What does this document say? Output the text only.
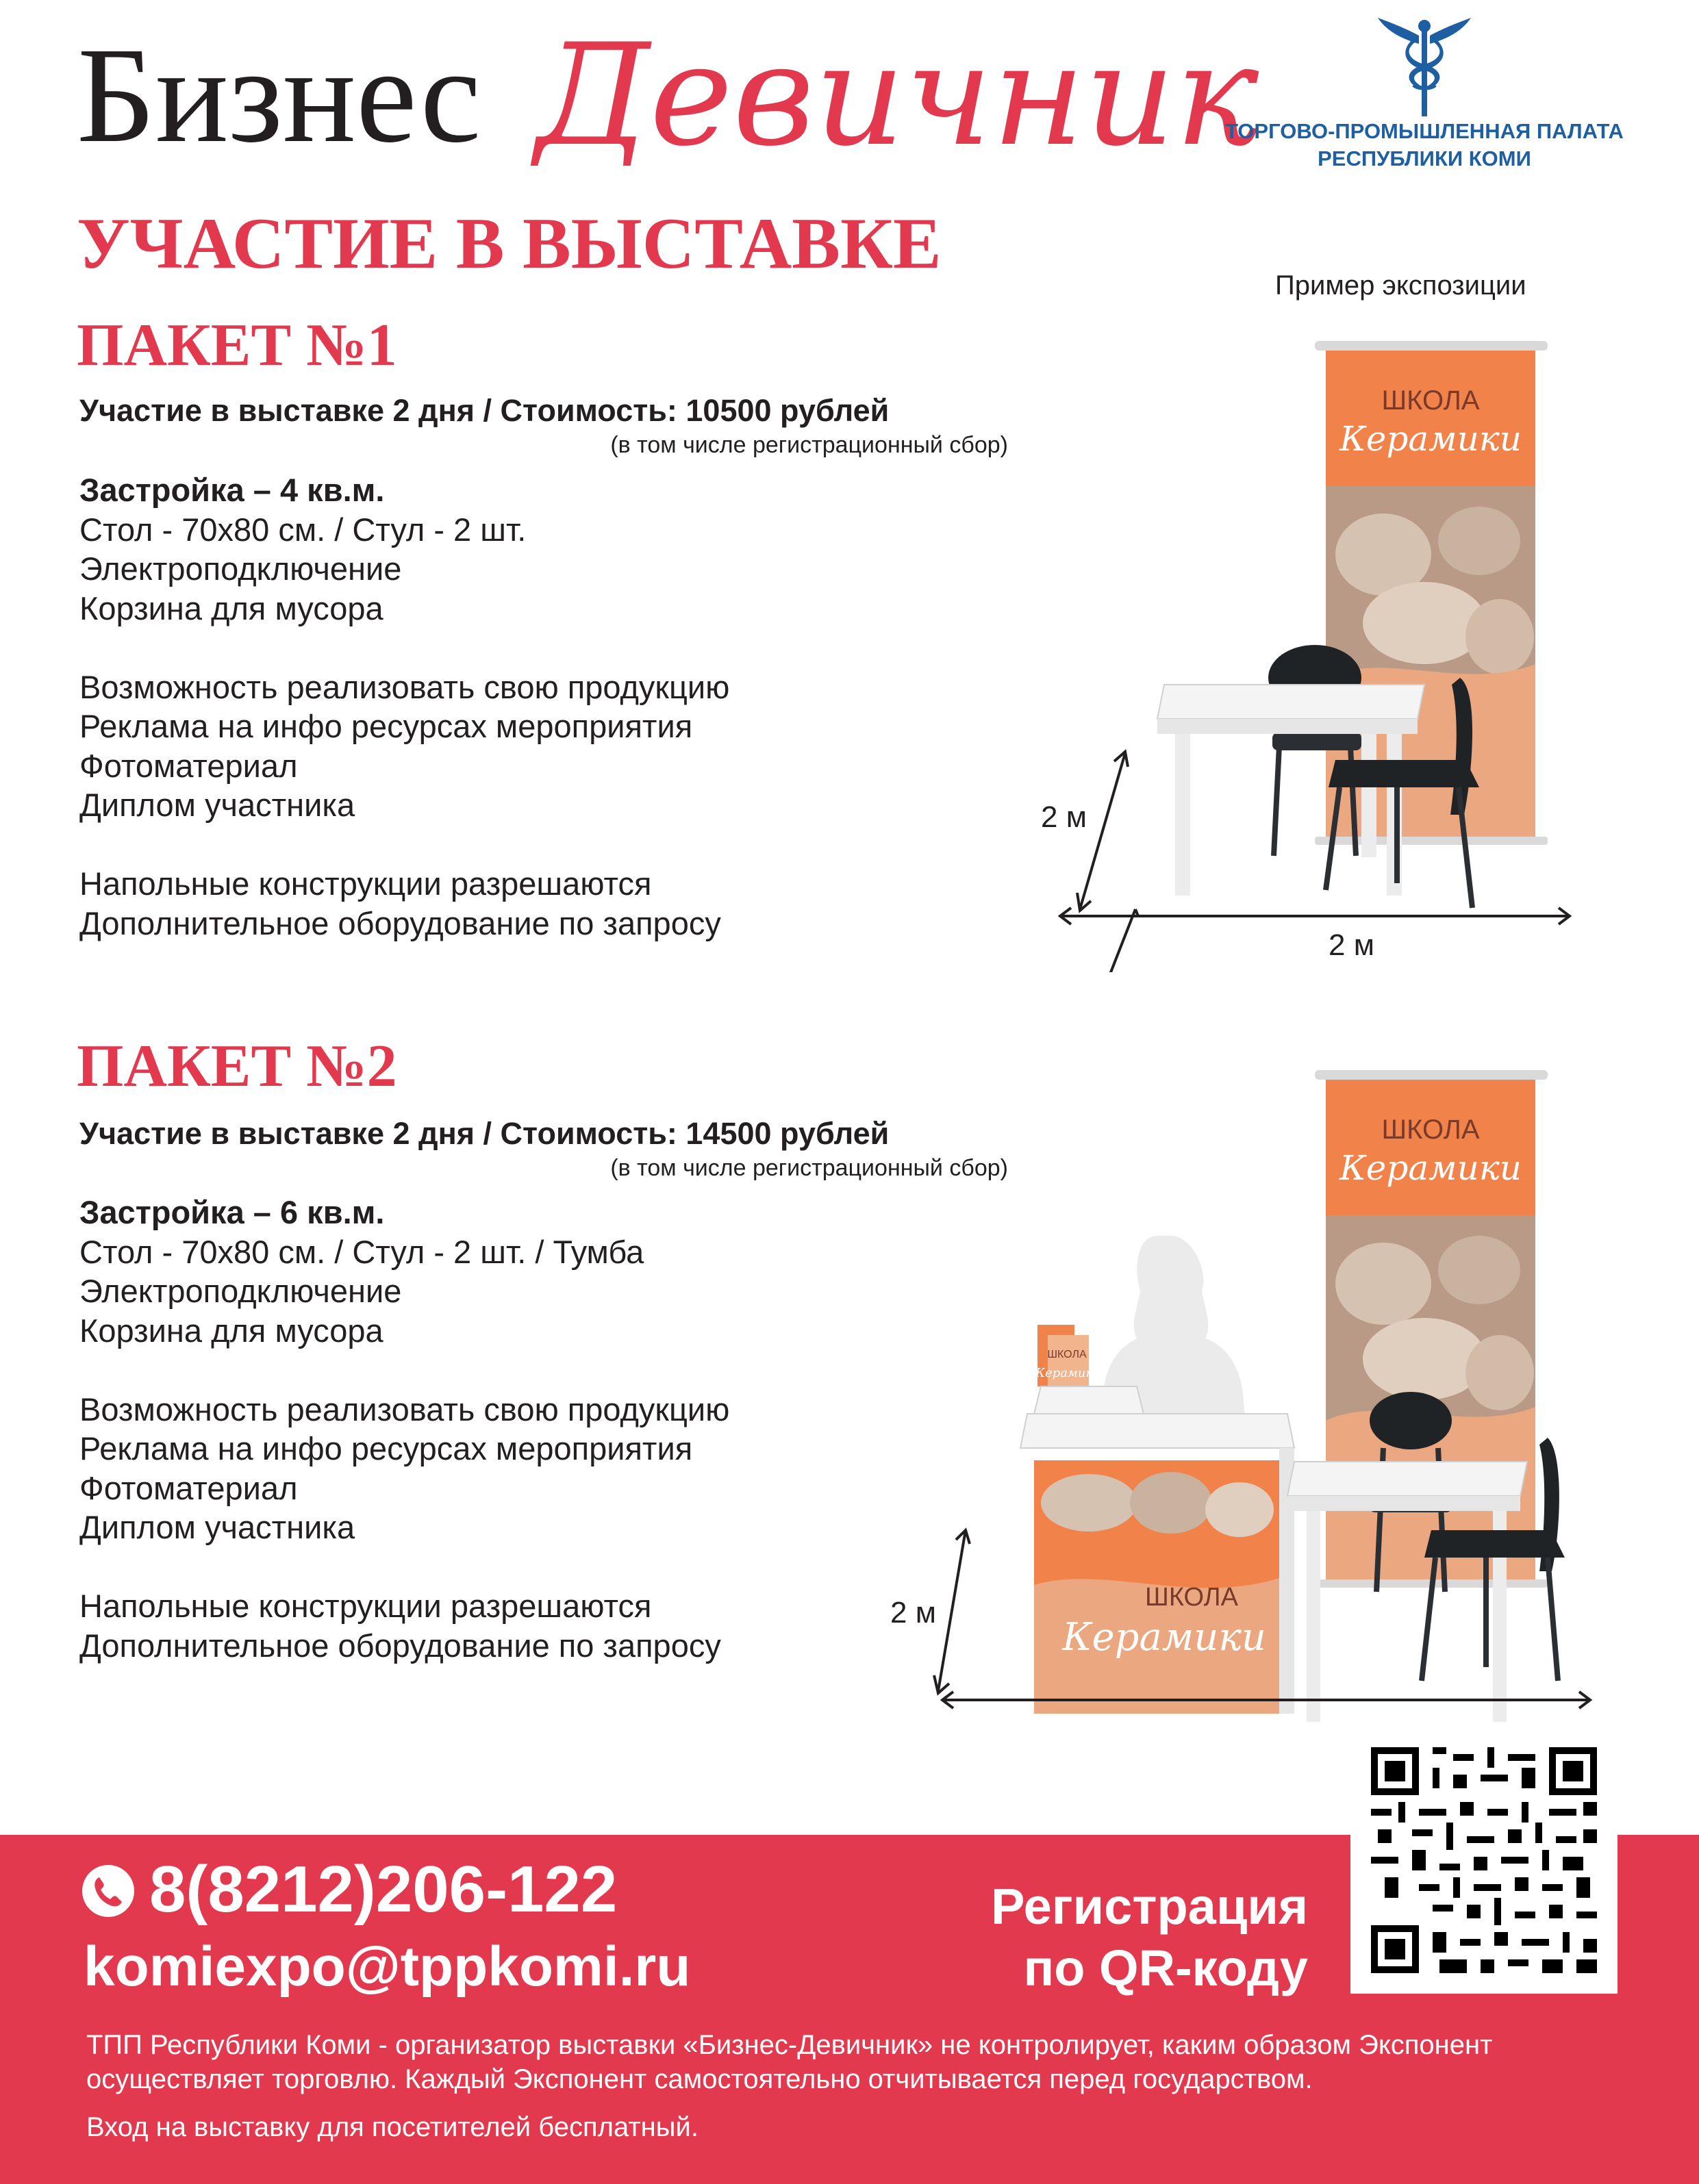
Бизнес Девичник
ТОРГОВО-ПРОМЫШЛЕННАЯ ПАЛАТА
РЕСПУБЛИКИ КОМИ
УЧАСТИЕ В ВЫСТАВКЕ
Пример экспозиции
ПАКЕТ №1
Участие в выставке 2 дня / Стоимость: 10500 рублей
(в том числе регистрационный сбор)
Застройка – 4 кв.м.
Стол - 70х80 см. / Стул - 2 шт.
Электроподключение
Корзина для мусора
Возможность реализовать свою продукцию
Реклама на инфо ресурсах мероприятия
Фотоматериал
Диплом участника
Напольные конструкции разрешаются
Дополнительное оборудование по запросу
ШКОЛА
Керамики
2 м
2 м
ПАКЕТ №2
Участие в выставке 2 дня / Стоимость: 14500 рублей
(в том числе регистрационный сбор)
Застройка – 6 кв.м.
Стол - 70х80 см. / Стул - 2 шт. / Тумба
Электроподключение
Корзина для мусора
Возможность реализовать свою продукцию
Реклама на инфо ресурсах мероприятия
Фотоматериал
Диплом участника
Напольные конструкции разрешаются
Дополнительное оборудование по запросу
ШКОЛА
Керамики
ШКОЛА
Керамики
ШКОЛА
Керамики
2 м
8(8212)206-122
komiexpo@tppkomi.ru
Регистрация
по QR-коду
ТПП Республики Коми - организатор выставки «Бизнес-Девичник» не контролирует, каким образом Экспонент
осуществляет торговлю. Каждый Экспонент самостоятельно отчитывается перед государством.
Вход на выставку для посетителей бесплатный.
